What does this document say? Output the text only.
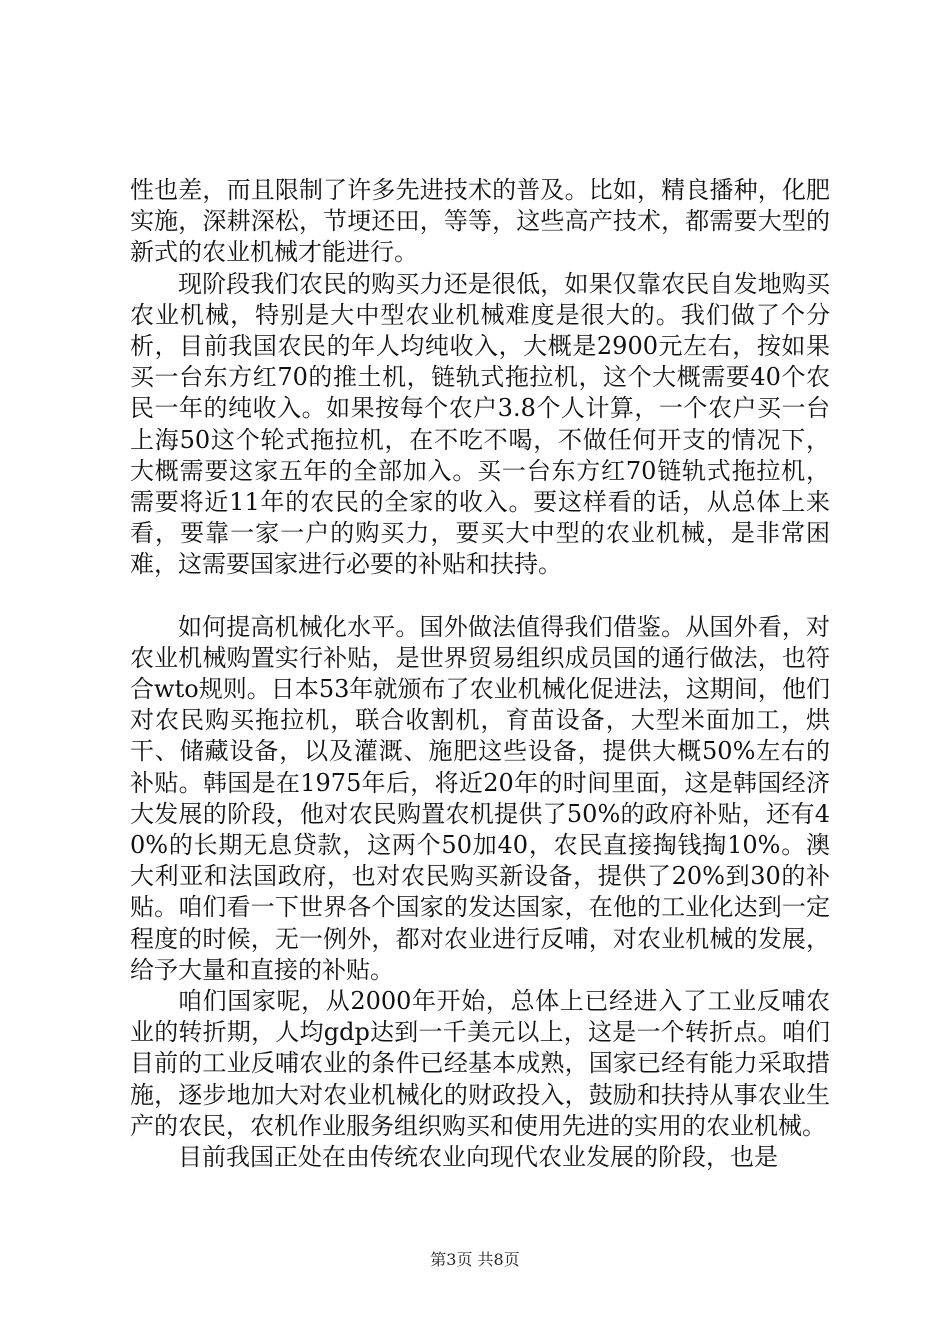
性也差，而且限制了许多先进技术的普及。比如，精良播种，化肥实施，深耕深松，节埂还田，等等，这些高产技术，都需要大型的新式的农业机械才能进行。

现阶段我们农民的购买力还是很低，如果仅靠农民自发地购买农业机械，特别是大中型农业机械难度是很大的。我们做了个分析，目前我国农民的年人均纯收入，大概是2900元左右，按如果买一台东方红70的推土机，链轨式拖拉机，这个大概需要40个农民一年的纯收入。如果按每个农户3.8个人计算，一个农户买一台上海50这个轮式拖拉机，在不吃不喝，不做任何开支的情况下，大概需要这家五年的全部加入。买一台东方红70链轨式拖拉机，需要将近11年的农民的全家的收入。要这样看的话，从总体上来看，要靠一家一户的购买力，要买大中型的农业机械，是非常困难，这需要国家进行必要的补贴和扶持。

如何提高机械化水平。国外做法值得我们借鉴。从国外看，对农业机械购置实行补贴，是世界贸易组织成员国的通行做法，也符合wto规则。日本53年就颁布了农业机械化促进法，这期间，他们对农民购买拖拉机，联合收割机，育苗设备，大型米面加工，烘干、储藏设备，以及灌溉、施肥这些设备，提供大概50%左右的补贴。韩国是在1975年后，将近20年的时间里面，这是韩国经济大发展的阶段，他对农民购置农机提供了50%的政府补贴，还有40%的长期无息贷款，这两个50加40，农民直接掏钱掏10%。澳大利亚和法国政府，也对农民购买新设备，提供了20%到30的补贴。咱们看一下世界各个国家的发达国家，在他的工业化达到一定程度的时候，无一例外，都对农业进行反哺，对农业机械的发展，给予大量和直接的补贴。

咱们国家呢，从2000年开始，总体上已经进入了工业反哺农业的转折期，人均gdp达到一千美元以上，这是一个转折点。咱们目前的工业反哺农业的条件已经基本成熟，国家已经有能力采取措施，逐步地加大对农业机械化的财政投入，鼓励和扶持从事农业生产的农民，农机作业服务组织购买和使用先进的实用的农业机械。

目前我国正处在由传统农业向现代农业发展的阶段，也是

第3页 共8页
